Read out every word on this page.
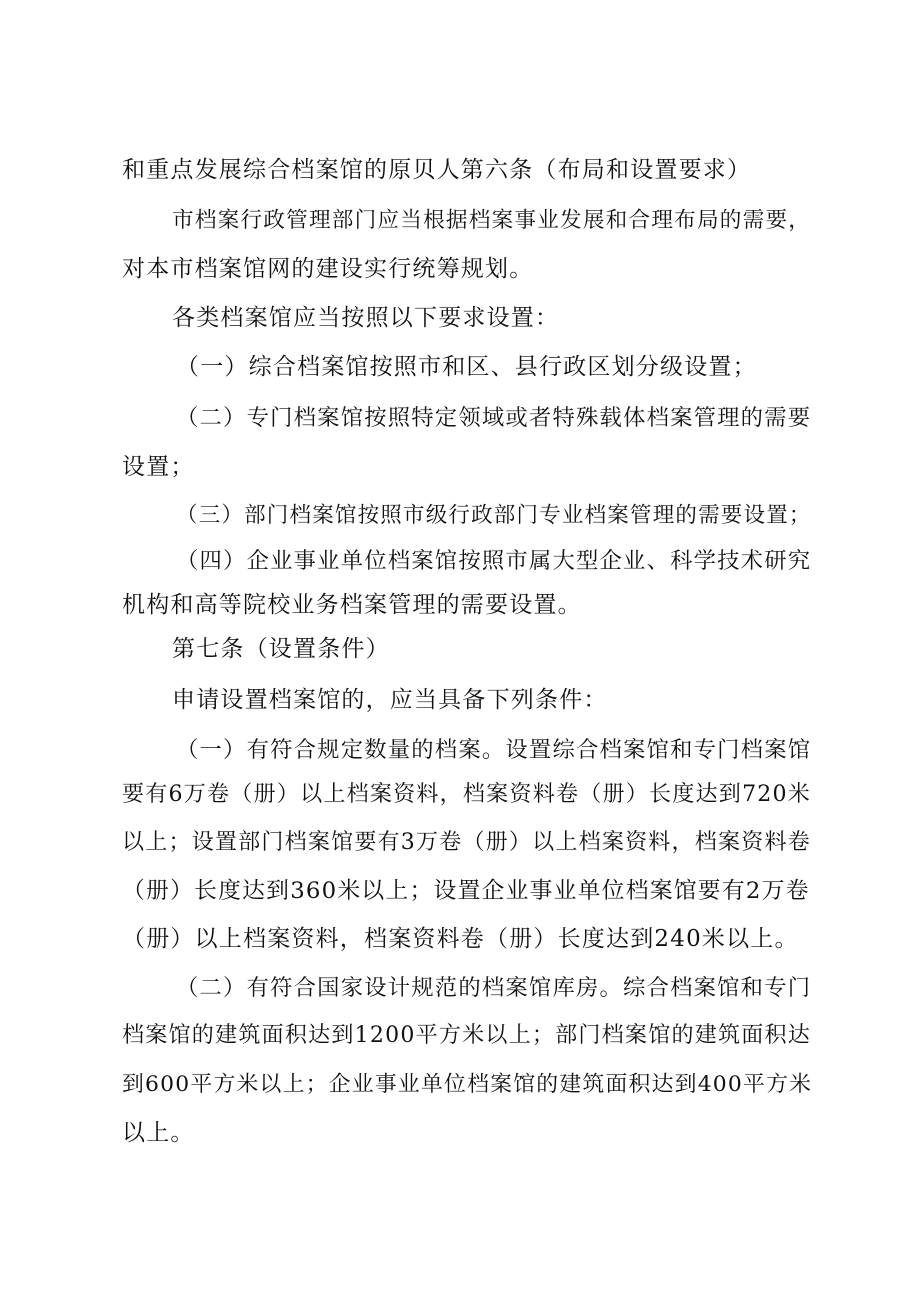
和重点发展综合档案馆的原贝人第六条（布局和设置要求）
市档案行政管理部门应当根据档案事业发展和合理布局的需要，
对本市档案馆网的建设实行统筹规划。
各类档案馆应当按照以下要求设置：
（一）综合档案馆按照市和区、县行政区划分级设置；
（二）专门档案馆按照特定领域或者特殊载体档案管理的需要
设置；
（三）部门档案馆按照市级行政部门专业档案管理的需要设置；
（四）企业事业单位档案馆按照市属大型企业、科学技术研究
机构和高等院校业务档案管理的需要设置。
第七条（设置条件）
申请设置档案馆的，应当具备下列条件：
（一）有符合规定数量的档案。设置综合档案馆和专门档案馆
要有6万卷（册）以上档案资料，档案资料卷（册）长度达到720米
以上；设置部门档案馆要有3万卷（册）以上档案资料，档案资料卷
（册）长度达到360米以上；设置企业事业单位档案馆要有2万卷
（册）以上档案资料，档案资料卷（册）长度达到240米以上。
（二）有符合国家设计规范的档案馆库房。综合档案馆和专门
档案馆的建筑面积达到1200平方米以上；部门档案馆的建筑面积达
到600平方米以上；企业事业单位档案馆的建筑面积达到400平方米
以上。
